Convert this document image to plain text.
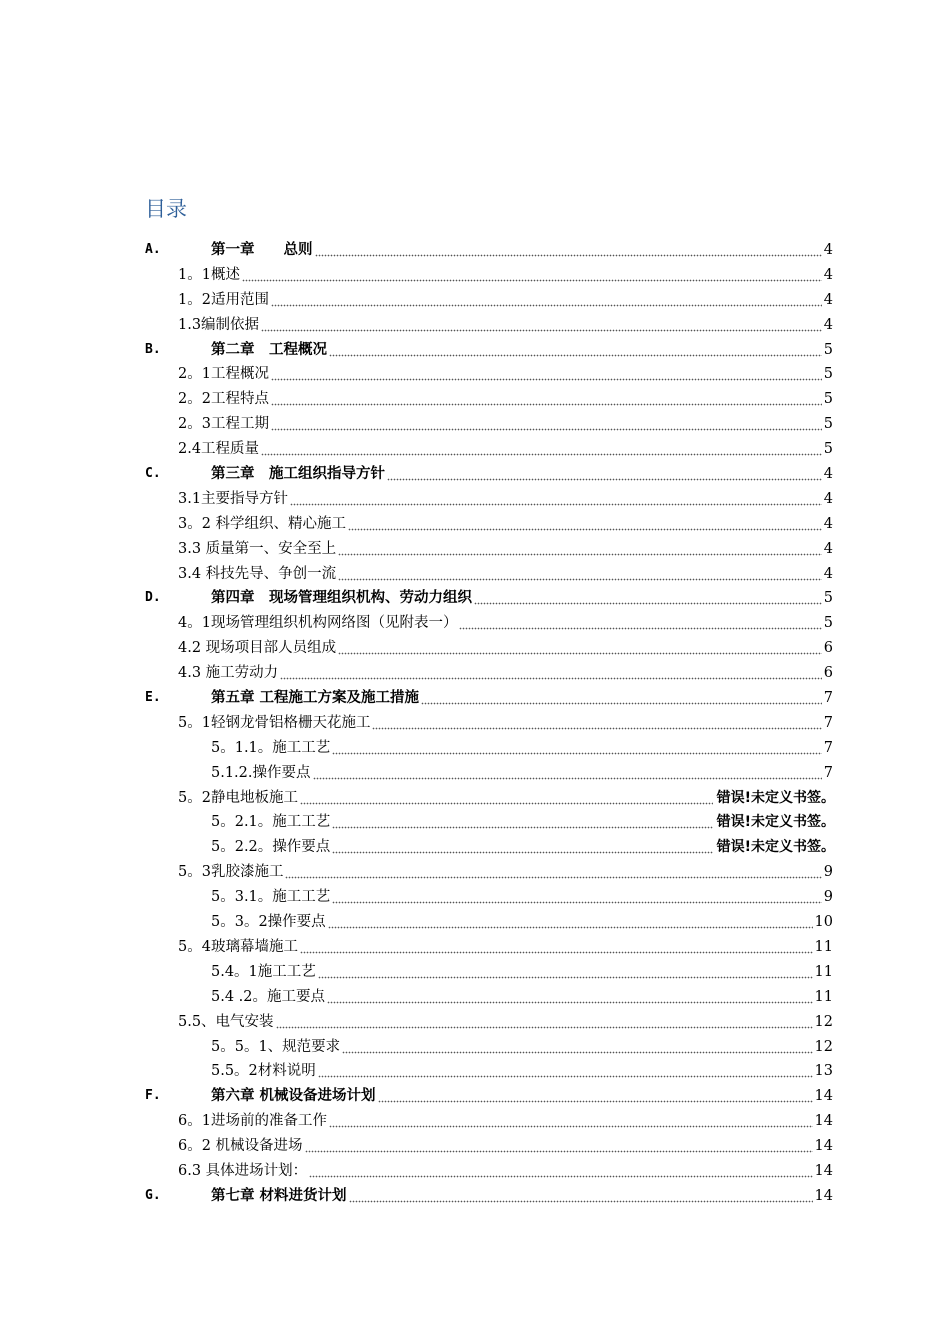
目录
A.	第一章　　总则	4
1。1概述	4
1。2适用范围	4
1.3编制依据	4
B.	第二章　工程概况	5
2。1工程概况	5
2。2工程特点	5
2。3工程工期	5
2.4工程质量	5
C.	第三章　施工组织指导方针	4
3.1主要指导方针	4
3。2 科学组织、精心施工	4
3.3 质量第一、安全至上	4
3.4 科技先导、争创一流	4
D.	第四章　现场管理组织机构、劳动力组织	5
4。1现场管理组织机构网络图（见附表一）	5
4.2 现场项目部人员组成	6
4.3 施工劳动力	6
E.	第五章 工程施工方案及施工措施	7
5。1轻钢龙骨铝格栅天花施工	7
5。1.1。施工工艺	7
5.1.2.操作要点	7
5。2静电地板施工	错误!未定义书签。
5。2.1。施工工艺	错误!未定义书签。
5。2.2。操作要点	错误!未定义书签。
5。3乳胶漆施工	9
5。3.1。施工工艺	9
5。3。2操作要点	10
5。4玻璃幕墙施工	11
5.4。1施工工艺	11
5.4 .2。施工要点	11
5.5、电气安装	12
5。5。1、规范要求	12
5.5。2材料说明	13
F.	第六章 机械设备进场计划	14
6。1进场前的准备工作	14
6。2 机械设备进场	14
6.3 具体进场计划：	14
G.	第七章 材料进货计划	14
